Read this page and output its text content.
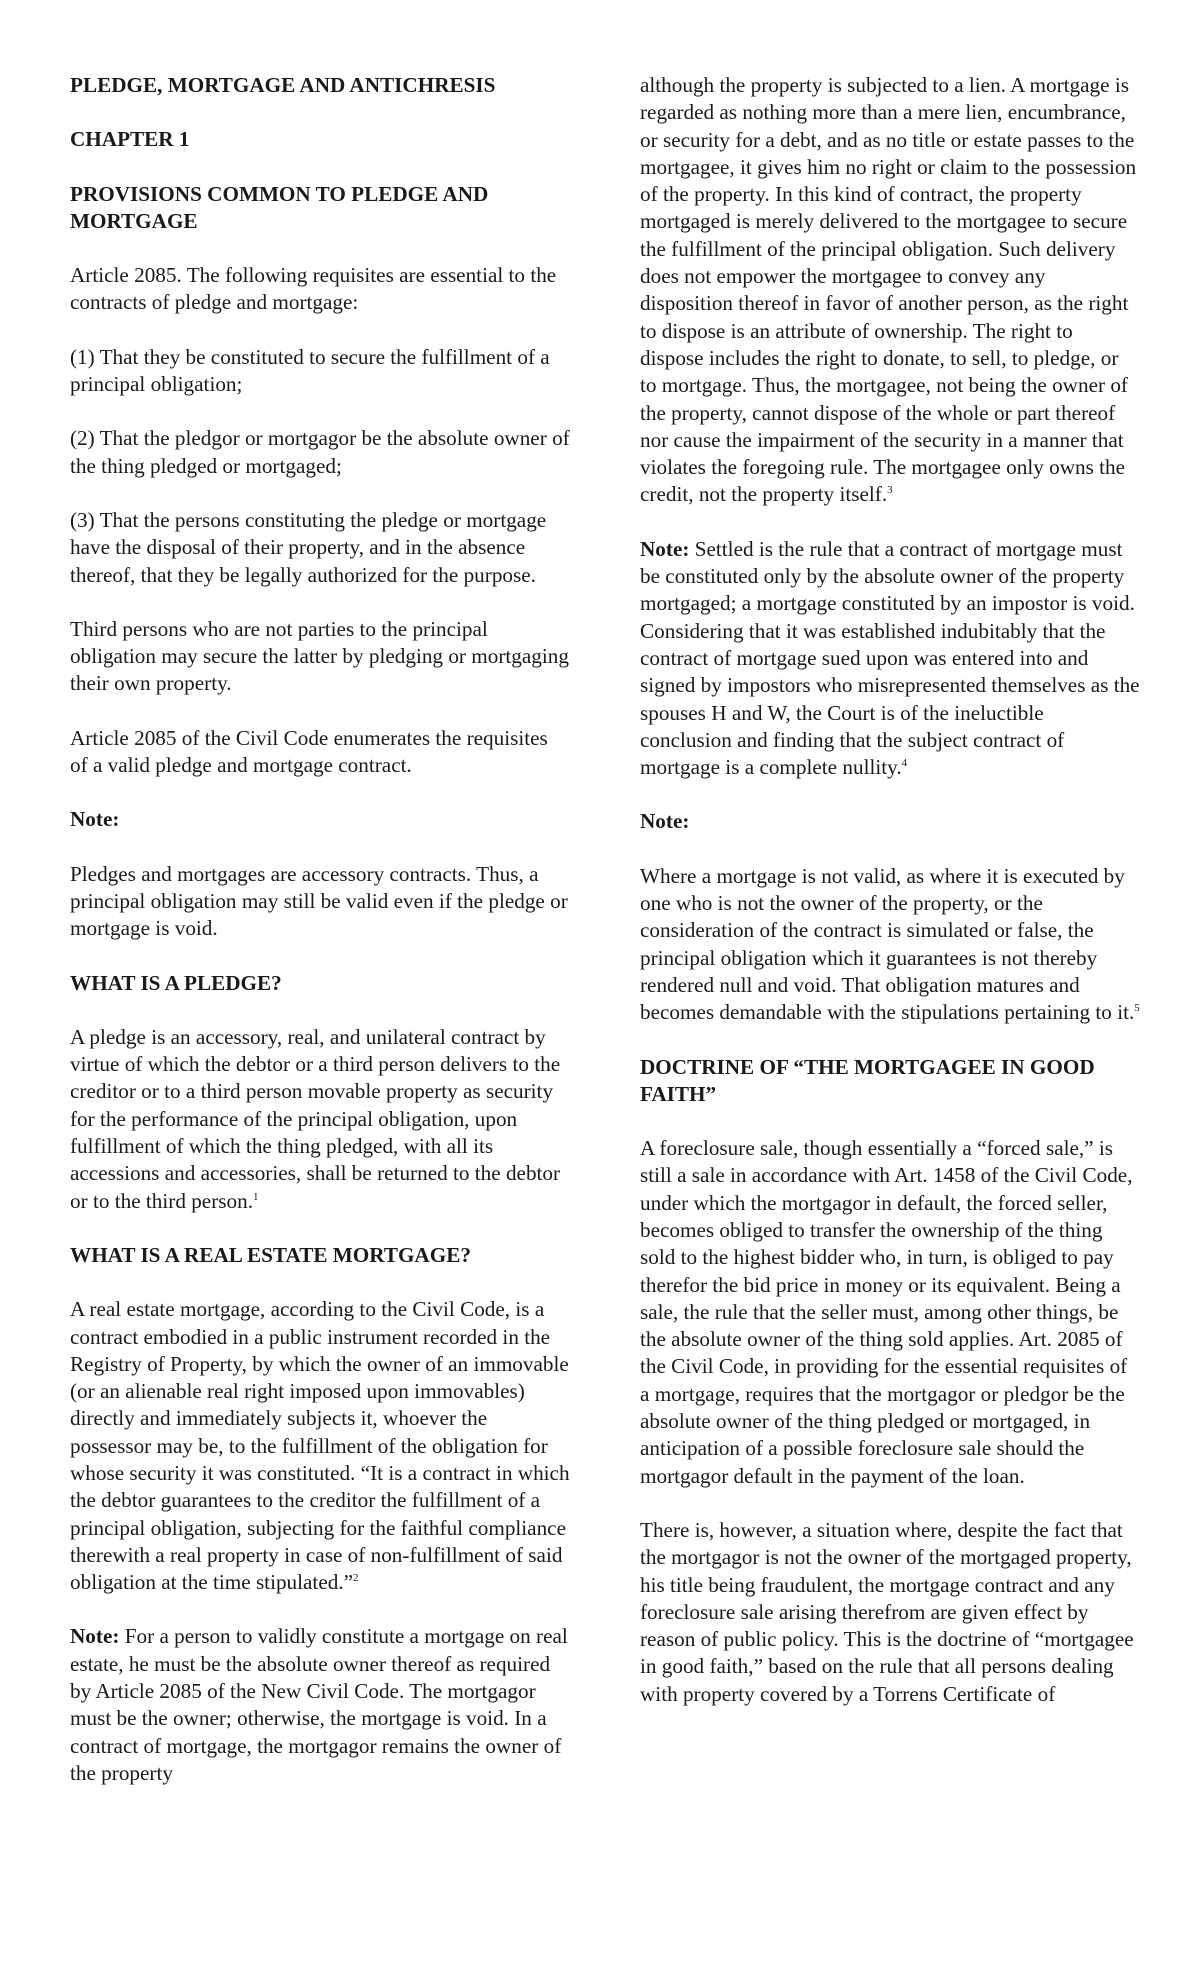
PLEDGE, MORTGAGE AND ANTICHRESIS

CHAPTER 1

PROVISIONS COMMON TO PLEDGE AND MORTGAGE

Article 2085. The following requisites are essential to the contracts of pledge and mortgage:

(1) That they be constituted to secure the fulfillment of a principal obligation;

(2) That the pledgor or mortgagor be the absolute owner of the thing pledged or mortgaged;

(3) That the persons constituting the pledge or mortgage have the disposal of their property, and in the absence thereof, that they be legally authorized for the purpose.

Third persons who are not parties to the principal obligation may secure the latter by pledging or mortgaging their own property.

Article 2085 of the Civil Code enumerates the requisites of a valid pledge and mortgage contract.

Note:

Pledges and mortgages are accessory contracts. Thus, a principal obligation may still be valid even if the pledge or mortgage is void.

WHAT IS A PLEDGE?

A pledge is an accessory, real, and unilateral contract by virtue of which the debtor or a third person delivers to the creditor or to a third person movable property as security for the performance of the principal obligation, upon fulfillment of which the thing pledged, with all its accessions and accessories, shall be returned to the debtor or to the third person.$^1$

WHAT IS A REAL ESTATE MORTGAGE?

A real estate mortgage, according to the Civil Code, is a contract embodied in a public instrument recorded in the Registry of Property, by which the owner of an immovable (or an alienable real right imposed upon immovables) directly and immediately subjects it, whoever the possessor may be, to the fulfillment of the obligation for whose security it was constituted. “It is a contract in which the debtor guarantees to the creditor the fulfillment of a principal obligation, subjecting for the faithful compliance therewith a real property in case of non-fulfillment of said obligation at the time stipulated.”$^2$

Note: For a person to validly constitute a mortgage on real estate, he must be the absolute owner thereof as required by Article 2085 of the New Civil Code. The mortgagor must be the owner; otherwise, the mortgage is void. In a contract of mortgage, the mortgagor remains the owner of the property

although the property is subjected to a lien. A mortgage is regarded as nothing more than a mere lien, encumbrance, or security for a debt, and as no title or estate passes to the mortgagee, it gives him no right or claim to the possession of the property. In this kind of contract, the property mortgaged is merely delivered to the mortgagee to secure the fulfillment of the principal obligation. Such delivery does not empower the mortgagee to convey any disposition thereof in favor of another person, as the right to dispose is an attribute of ownership. The right to dispose includes the right to donate, to sell, to pledge, or to mortgage. Thus, the mortgagee, not being the owner of the property, cannot dispose of the whole or part thereof nor cause the impairment of the security in a manner that violates the foregoing rule. The mortgagee only owns the credit, not the property itself.$^3$

Note: Settled is the rule that a contract of mortgage must be constituted only by the absolute owner of the property mortgaged; a mortgage constituted by an impostor is void. Considering that it was established indubitably that the contract of mortgage sued upon was entered into and signed by impostors who misrepresented themselves as the spouses H and W, the Court is of the ineluctible conclusion and finding that the subject contract of mortgage is a complete nullity.$^4$

Note:

Where a mortgage is not valid, as where it is executed by one who is not the owner of the property, or the consideration of the contract is simulated or false, the principal obligation which it guarantees is not thereby rendered null and void. That obligation matures and becomes demandable with the stipulations pertaining to it.$^5$

DOCTRINE OF “THE MORTGAGEE IN GOOD FAITH”

A foreclosure sale, though essentially a “forced sale,” is still a sale in accordance with Art. 1458 of the Civil Code, under which the mortgagor in default, the forced seller, becomes obliged to transfer the ownership of the thing sold to the highest bidder who, in turn, is obliged to pay therefor the bid price in money or its equivalent. Being a sale, the rule that the seller must, among other things, be the absolute owner of the thing sold applies. Art. 2085 of the Civil Code, in providing for the essential requisites of a mortgage, requires that the mortgagor or pledgor be the absolute owner of the thing pledged or mortgaged, in anticipation of a possible foreclosure sale should the mortgagor default in the payment of the loan.

There is, however, a situation where, despite the fact that the mortgagor is not the owner of the mortgaged property, his title being fraudulent, the mortgage contract and any foreclosure sale arising therefrom are given effect by reason of public policy. This is the doctrine of “mortgagee in good faith,” based on the rule that all persons dealing with property covered by a Torrens Certificate of
